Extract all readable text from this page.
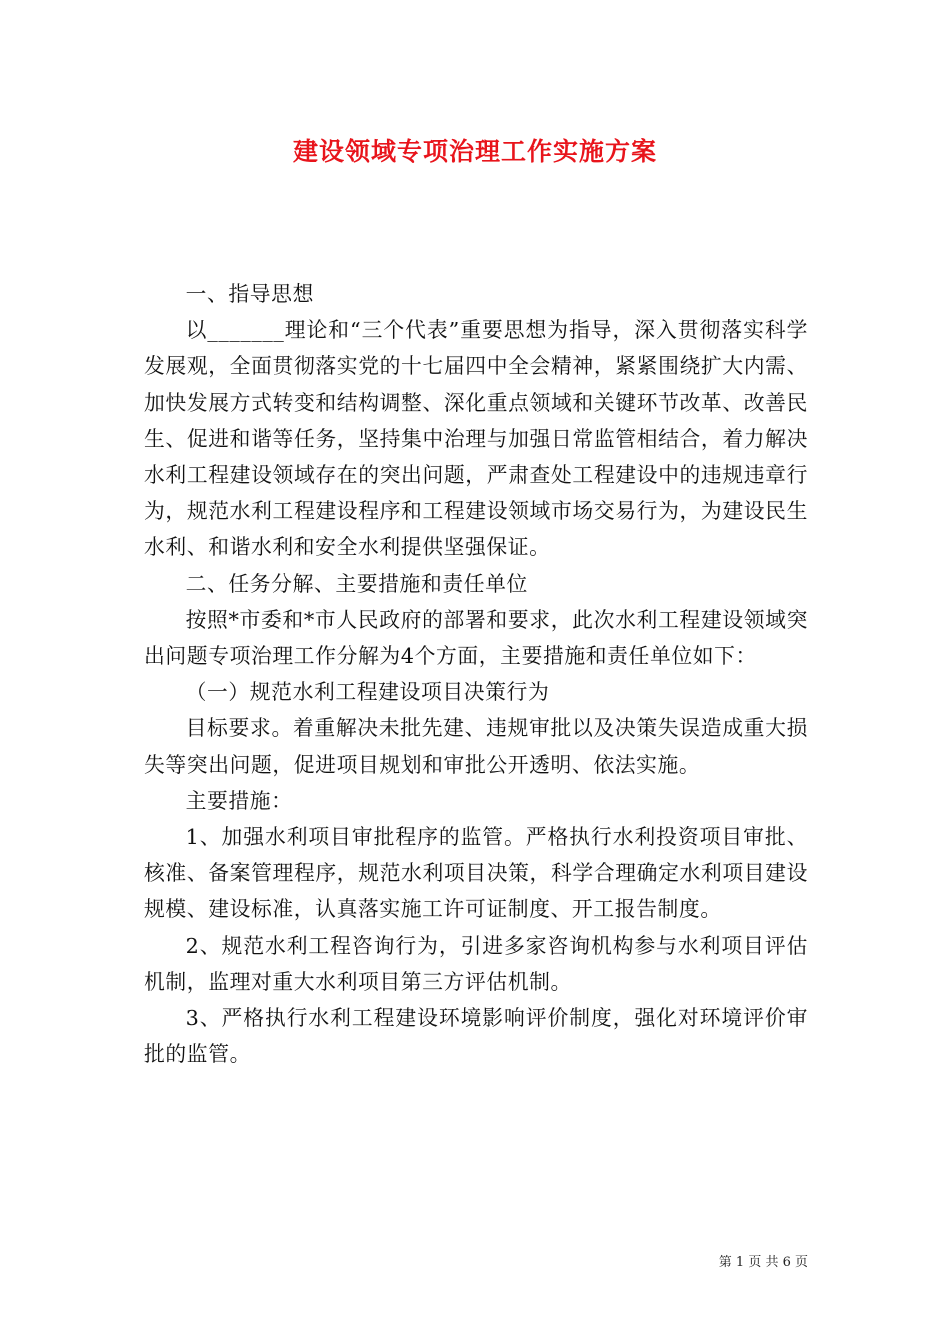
建设领域专项治理工作实施方案

一、指导思想

以_______理论和“三个代表”重要思想为指导，深入贯彻落实科学发展观，全面贯彻落实党的十七届四中全会精神，紧紧围绕扩大内需、加快发展方式转变和结构调整、深化重点领域和关键环节改革、改善民生、促进和谐等任务，坚持集中治理与加强日常监管相结合，着力解决水利工程建设领域存在的突出问题，严肃查处工程建设中的违规违章行为，规范水利工程建设程序和工程建设领域市场交易行为，为建设民生水利、和谐水利和安全水利提供坚强保证。

二、任务分解、主要措施和责任单位

按照*市委和*市人民政府的部署和要求，此次水利工程建设领域突出问题专项治理工作分解为4个方面，主要措施和责任单位如下：

（一）规范水利工程建设项目决策行为

目标要求。着重解决未批先建、违规审批以及决策失误造成重大损失等突出问题，促进项目规划和审批公开透明、依法实施。

主要措施：

1、加强水利项目审批程序的监管。严格执行水利投资项目审批、核准、备案管理程序，规范水利项目决策，科学合理确定水利项目建设规模、建设标准，认真落实施工许可证制度、开工报告制度。

2、规范水利工程咨询行为，引进多家咨询机构参与水利项目评估机制，监理对重大水利项目第三方评估机制。

3、严格执行水利工程建设环境影响评价制度，强化对环境评价审批的监管。

第 1 页 共 6 页
